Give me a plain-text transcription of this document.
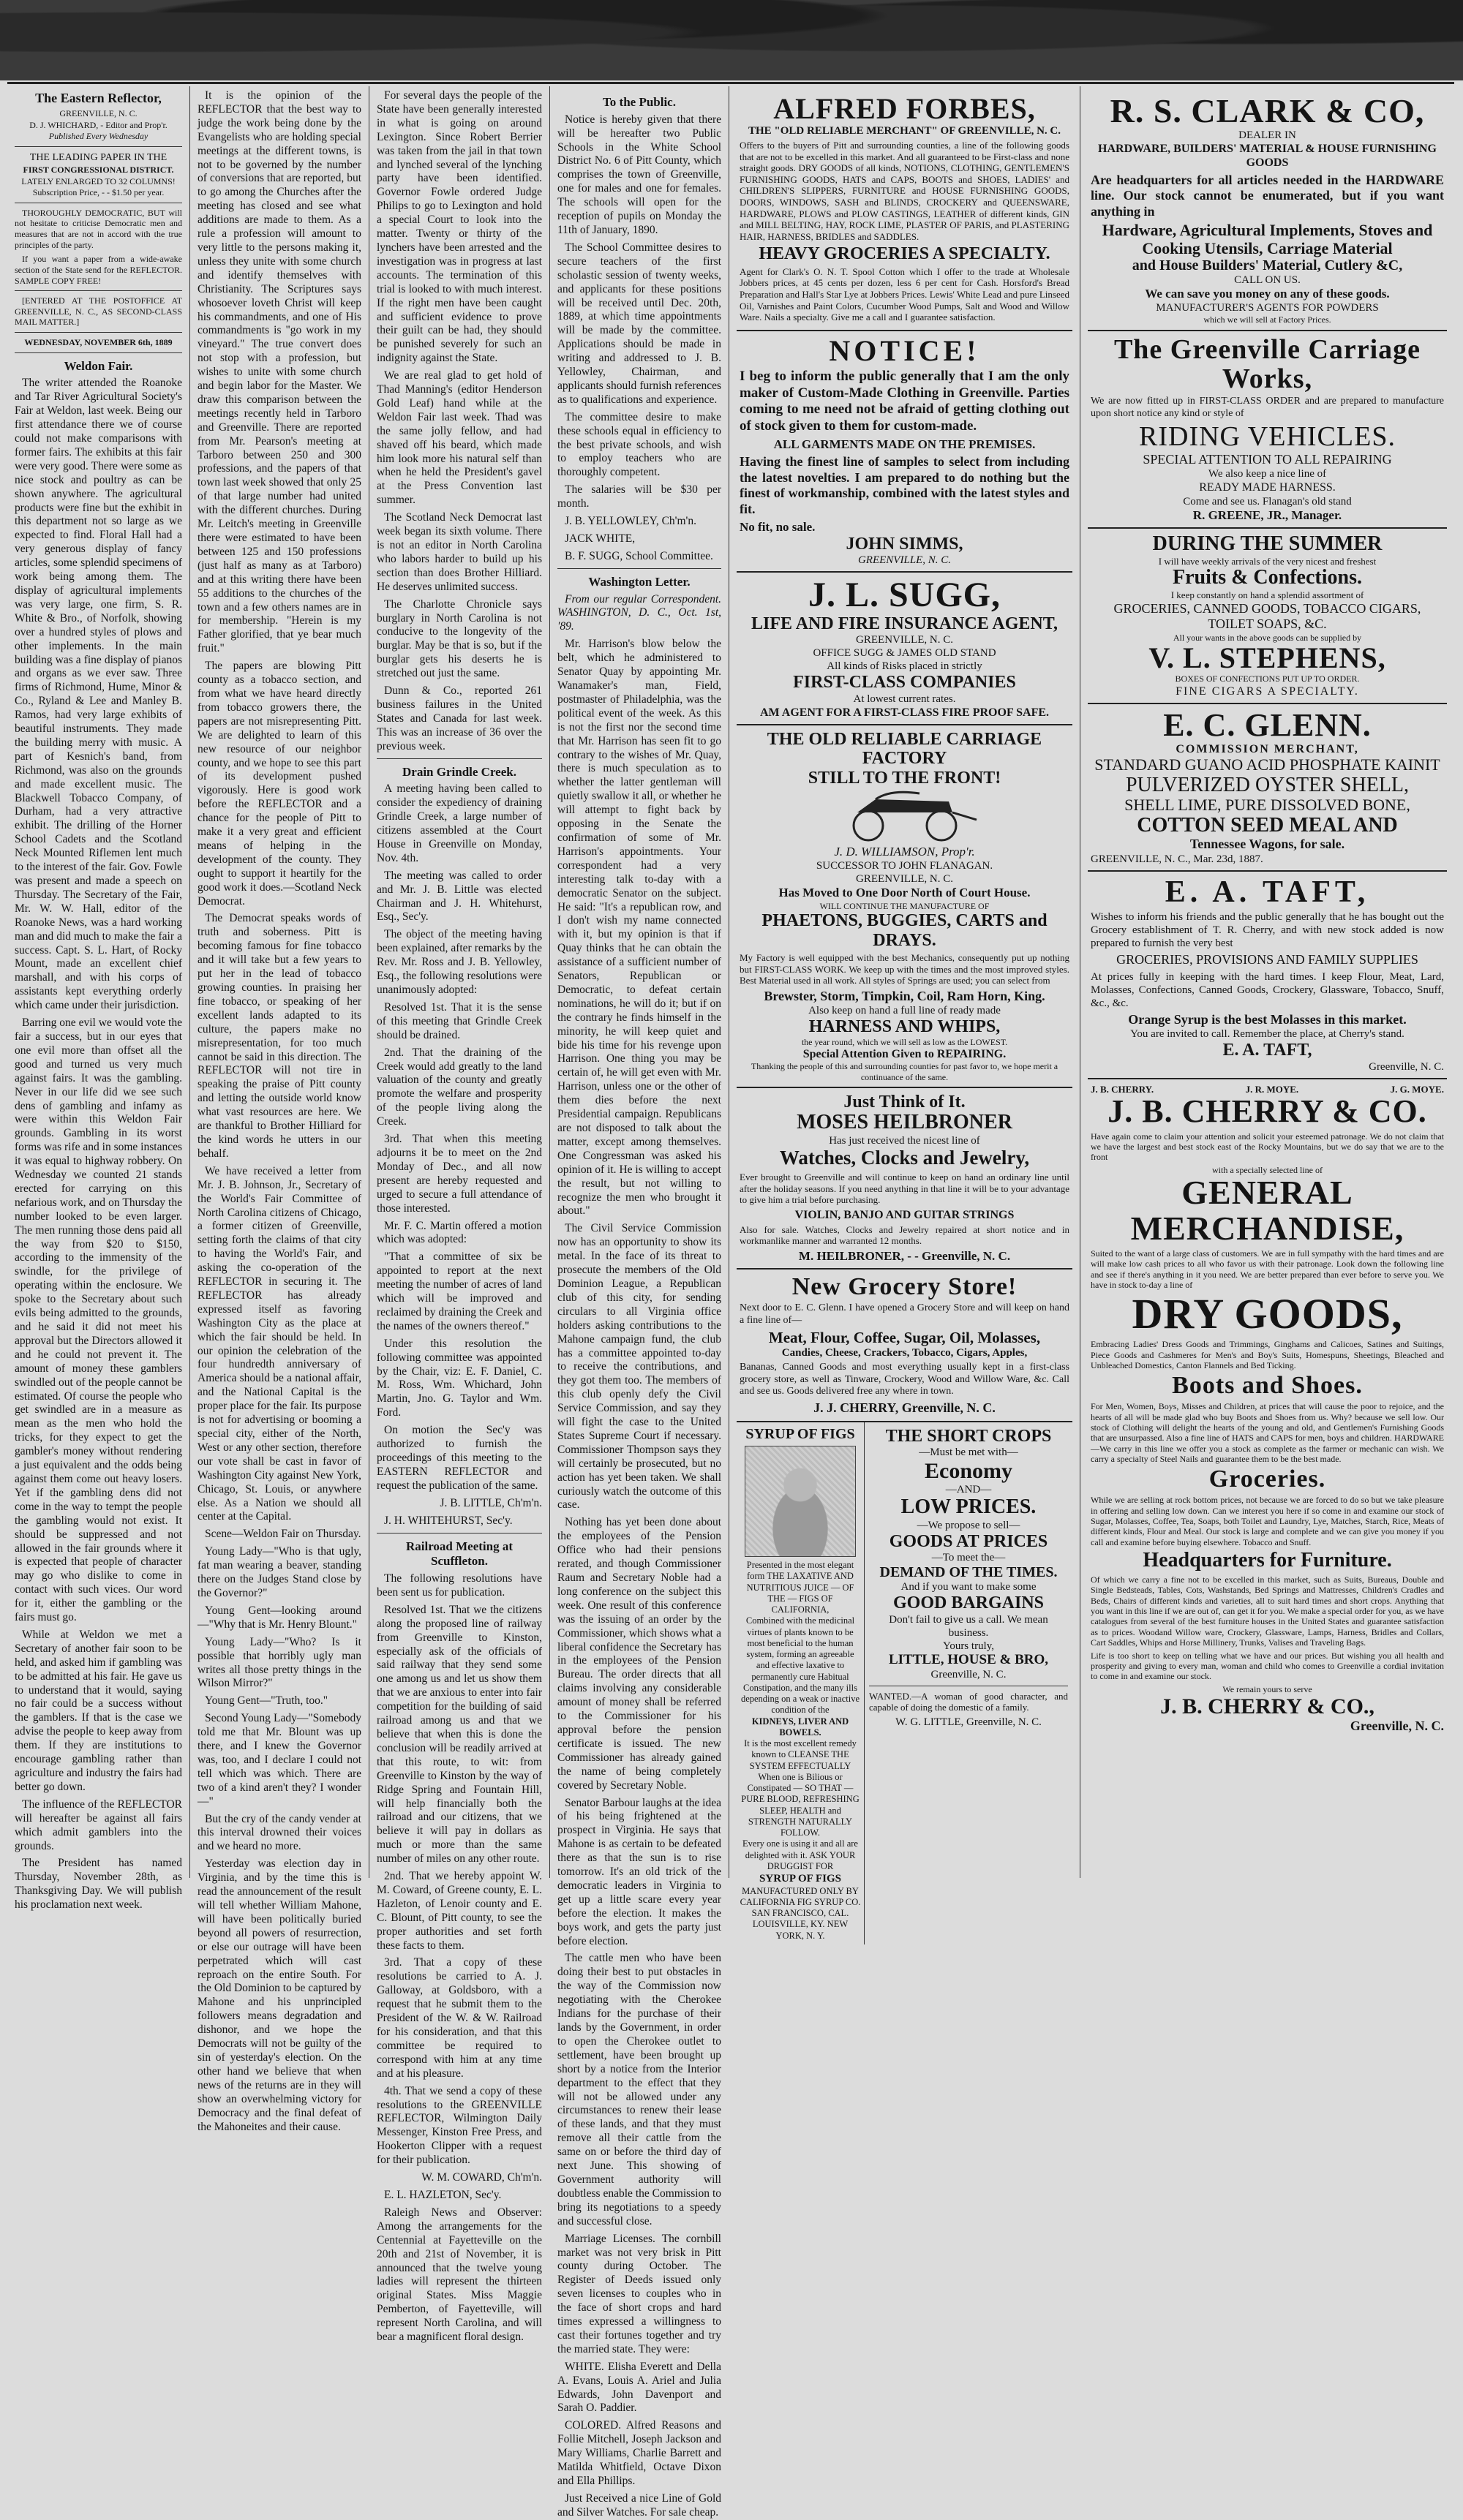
The Eastern Reflector,
GREENVILLE, N. C.
D. J. WHICHARD, - Editor and Prop'r.
Published Every Wednesday
THE LEADING PAPER IN THE
FIRST CONGRESSIONAL DISTRICT.
LATELY ENLARGED TO 32 COLUMNS!
Subscription Price, - - $1.50 per year.

THOROUGHLY DEMOCRATIC, BUT will not hesitate to criticise Democratic men and measures that are not in accord with the true principles of the party.

If you want a paper from a wide-awake section of the State send for the REFLECTOR. SAMPLE COPY FREE!

[ENTERED AT THE POSTOFFICE AT GREENVILLE, N. C., AS SECOND-CLASS MAIL MATTER.]

WEDNESDAY, NOVEMBER 6th, 1889
Weldon Fair.

The writer attended the Roanoke and Tar River Agricultural Society's Fair at Weldon, last week. Being our first attendance there we of course could not make comparisons with former fairs. The exhibits at this fair were very good. There were some as nice stock and poultry as can be shown anywhere. The agricultural products were fine but the exhibit in this department not so large as we expected to find. Floral Hall had a very generous display of fancy articles, some splendid specimens of work being among them. The display of agricultural implements was very large, one firm, S. R. White & Bro., of Norfolk, showing over a hundred styles of plows and other implements. In the main building was a fine display of pianos and organs as we ever saw. Three firms of Richmond, Hume, Minor & Co., Ryland & Lee and Manley B. Ramos, had very large exhibits of beautiful instruments. They made the building merry with music. A part of Kesnich's band, from Richmond, was also on the grounds and made excellent music. The Blackwell Tobacco Company, of Durham, had a very attractive exhibit. The drilling of the Horner School Cadets and the Scotland Neck Mounted Riflemen lent much to the interest of the fair. Gov. Fowle was present and made a speech on Thursday. The Secretary of the Fair, Mr. W. W. Hall, editor of the Roanoke News, was a hard working man and did much to make the fair a success. Capt. S. L. Hart, of Rocky Mount, made an excellent chief marshall, and with his corps of assistants kept everything orderly which came under their jurisdiction.

Barring one evil we would vote the fair a success, but in our eyes that one evil more than offset all the good and turned us very much against fairs. It was the gambling. Never in our life did we see such dens of gambling and infamy as were within this Weldon Fair grounds. Gambling in its worst forms was rife and in some instances it was equal to highway robbery. On Wednesday we counted 21 stands erected for carrying on this nefarious work, and on Thursday the number looked to be even larger. The men running those dens paid all the way from $20 to $150, according to the immensity of the swindle, for the privilege of operating within the enclosure. We spoke to the Secretary about such evils being admitted to the grounds, and he said it did not meet his approval but the Directors allowed it and he could not prevent it. The amount of money these gamblers swindled out of the people cannot be estimated. Of course the people who get swindled are in a measure as mean as the men who hold the tricks, for they expect to get the gambler's money without rendering a just equivalent and the odds being against them come out heavy losers. Yet if the gambling dens did not come in the way to tempt the people the gambling would not exist. It should be suppressed and not allowed in the fair grounds where it is expected that people of character may go who dislike to come in contact with such vices. Our word for it, either the gambling or the fairs must go.

While at Weldon we met a Secretary of another fair soon to be held, and asked him if gambling was to be admitted at his fair. He gave us to understand that it would, saying no fair could be a success without the gamblers. If that is the case we advise the people to keep away from them. If they are institutions to encourage gambling rather than agriculture and industry the fairs had better go down.

The influence of the REFLECTOR will hereafter be against all fairs which admit gamblers into the grounds.

The President has named Thursday, November 28th, as Thanksgiving Day. We will publish his proclamation next week.

It is the opinion of the REFLECTOR that the best way to judge the work being done by the Evangelists who are holding special meetings at the different towns, is not to be governed by the number of conversions that are reported, but to go among the Churches after the meeting has closed and see what additions are made to them. As a rule a profession will amount to very little to the persons making it, unless they unite with some church and identify themselves with Christianity. The Scriptures says whosoever loveth Christ will keep his commandments, and one of His commandments is "go work in my vineyard." The true convert does not stop with a profession, but wishes to unite with some church and begin labor for the Master. We draw this comparison between the meetings recently held in Tarboro and Greenville. There are reported from Mr. Pearson's meeting at Tarboro between 250 and 300 professions, and the papers of that town last week showed that only 25 of that large number had united with the different churches. During Mr. Leitch's meeting in Greenville there were estimated to have been between 125 and 150 professions (just half as many as at Tarboro) and at this writing there have been 55 additions to the churches of the town and a few others names are in for membership. "Herein is my Father glorified, that ye bear much fruit."

The papers are blowing Pitt county as a tobacco section, and from what we have heard directly from tobacco growers there, the papers are not misrepresenting Pitt. We are delighted to learn of this new resource of our neighbor county, and we hope to see this part of its development pushed vigorously. Here is good work before the REFLECTOR and a chance for the people of Pitt to make it a very great and efficient means of helping in the development of the county. They ought to support it heartily for the good work it does.—Scotland Neck Democrat.

The Democrat speaks words of truth and soberness. Pitt is becoming famous for fine tobacco and it will take but a few years to put her in the lead of tobacco growing counties. In praising her fine tobacco, or speaking of her excellent lands adapted to its culture, the papers make no misrepresentation, for too much cannot be said in this direction. The REFLECTOR will not tire in speaking the praise of Pitt county and letting the outside world know what vast resources are here. We are thankful to Brother Hilliard for the kind words he utters in our behalf.

We have received a letter from Mr. J. B. Johnson, Jr., Secretary of the World's Fair Committee of North Carolina citizens of Chicago, a former citizen of Greenville, setting forth the claims of that city to having the World's Fair, and asking the co-operation of the REFLECTOR in securing it. The REFLECTOR has already expressed itself as favoring Washington City as the place at which the fair should be held. In our opinion the celebration of the four hundredth anniversary of America should be a national affair, and the National Capital is the proper place for the fair. Its purpose is not for advertising or booming a special city, either of the North, West or any other section, therefore our vote shall be cast in favor of Washington City against New York, Chicago, St. Louis, or anywhere else. As a Nation we should all center at the Capital.

Scene—Weldon Fair on Thursday.

Young Lady—"Who is that ugly, fat man wearing a beaver, standing there on the Judges Stand close by the Governor?"

Young Gent—looking around—"Why that is Mr. Henry Blount."

Young Lady—"Who? Is it possible that horribly ugly man writes all those pretty things in the Wilson Mirror?"

Young Gent—"Truth, too."

Second Young Lady—"Somebody told me that Mr. Blount was up there, and I knew the Governor was, too, and I declare I could not tell which was which. There are two of a kind aren't they? I wonder—"

But the cry of the candy vender at this interval drowned their voices and we heard no more.

Yesterday was election day in Virginia, and by the time this is read the announcement of the result will tell whether William Mahone, will have been politically buried beyond all powers of resurrection, or else our outrage will have been perpetrated which will cast reproach on the entire South. For the Old Dominion to be captured by Mahone and his unprincipled followers means degradation and dishonor, and we hope the Democrats will not be guilty of the sin of yesterday's election. On the other hand we believe that when news of the returns are in they will show an overwhelming victory for Democracy and the final defeat of the Mahoneites and their cause.

For several days the people of the State have been generally interested in what is going on around Lexington. Since Robert Berrier was taken from the jail in that town and lynched several of the lynching party have been identified. Governor Fowle ordered Judge Philips to go to Lexington and hold a special Court to look into the matter. Twenty or thirty of the lynchers have been arrested and the investigation was in progress at last accounts. The termination of this trial is looked to with much interest. If the right men have been caught and sufficient evidence to prove their guilt can be had, they should be punished severely for such an indignity against the State.

We are real glad to get hold of Thad Manning's (editor Henderson Gold Leaf) hand while at the Weldon Fair last week. Thad was the same jolly fellow, and had shaved off his beard, which made him look more his natural self than when he held the President's gavel at the Press Convention last summer.

The Scotland Neck Democrat last week began its sixth volume. There is not an editor in North Carolina who labors harder to build up his section than does Brother Hilliard. He deserves unlimited success.

The Charlotte Chronicle says burglary in North Carolina is not conducive to the longevity of the burglar. May be that is so, but if the burglar gets his deserts he is stretched out just the same.

Dunn & Co., reported 261 business failures in the United States and Canada for last week. This was an increase of 36 over the previous week.

Drain Grindle Creek.

A meeting having been called to consider the expediency of draining Grindle Creek, a large number of citizens assembled at the Court House in Greenville on Monday, Nov. 4th.

The meeting was called to order and Mr. J. B. Little was elected Chairman and J. H. Whitehurst, Esq., Sec'y.

The object of the meeting having been explained, after remarks by the Rev. Mr. Ross and J. B. Yellowley, Esq., the following resolutions were unanimously adopted:

Resolved 1st. That it is the sense of this meeting that Grindle Creek should be drained.

2nd. That the draining of the Creek would add greatly to the land valuation of the county and greatly promote the welfare and prosperity of the people living along the Creek.

3rd. That when this meeting adjourns it be to meet on the 2nd Monday of Dec., and all now present are hereby requested and urged to secure a full attendance of those interested.

Mr. F. C. Martin offered a motion which was adopted:

"That a committee of six be appointed to report at the next meeting the number of acres of land which will be improved and reclaimed by draining the Creek and the names of the owners thereof."

Under this resolution the following committee was appointed by the Chair, viz: E. F. Daniel, C. M. Ross, Wm. Whichard, John Martin, Jno. G. Taylor and Wm. Ford.

On motion the Sec'y was authorized to furnish the proceedings of this meeting to the EASTERN REFLECTOR and request the publication of the same.

J. B. LITTLE, Ch'm'n.

J. H. WHITEHURST, Sec'y.

Railroad Meeting at Scuffleton.

The following resolutions have been sent us for publication.

Resolved 1st. That we the citizens along the proposed line of railway from Greenville to Kinston, especially ask of the officials of said railway that they send some one among us and let us show them that we are anxious to enter into fair competition for the building of said railroad among us and that we believe that when this is done the conclusion will be readily arrived at that this route, to wit: from Greenville to Kinston by the way of Ridge Spring and Fountain Hill, will help financially both the railroad and our citizens, that we believe it will pay in dollars as much or more than the same number of miles on any other route.

2nd. That we hereby appoint W. M. Coward, of Greene county, E. L. Hazleton, of Lenoir county and E. C. Blount, of Pitt county, to see the proper authorities and set forth these facts to them.

3rd. That a copy of these resolutions be carried to A. J. Galloway, at Goldsboro, with a request that he submit them to the President of the W. & W. Railroad for his consideration, and that this committee be required to correspond with him at any time and at his pleasure.

4th. That we send a copy of these resolutions to the GREENVILLE REFLECTOR, Wilmington Daily Messenger, Kinston Free Press, and Hookerton Clipper with a request for their publication.

W. M. COWARD, Ch'm'n.

E. L. HAZLETON, Sec'y.

Raleigh News and Observer: Among the arrangements for the Centennial at Fayetteville on the 20th and 21st of November, it is announced that the twelve young ladies will represent the thirteen original States. Miss Maggie Pemberton, of Fayetteville, will represent North Carolina, and will bear a magnificent floral design.

To the Public.

Notice is hereby given that there will be hereafter two Public Schools in the White School District No. 6 of Pitt County, which comprises the town of Greenville, one for males and one for females. The schools will open for the reception of pupils on Monday the 11th of January, 1890.

The School Committee desires to secure teachers of the first scholastic session of twenty weeks, and applicants for these positions will be received until Dec. 20th, 1889, at which time appointments will be made by the committee. Applications should be made in writing and addressed to J. B. Yellowley, Chairman, and applicants should furnish references as to qualifications and experience.

The committee desire to make these schools equal in efficiency to the best private schools, and wish to employ teachers who are thoroughly competent.

The salaries will be $30 per month.

J. B. YELLOWLEY, Ch'm'n.

JACK WHITE,

B. F. SUGG, School Committee.

Washington Letter.

From our regular Correspondent. WASHINGTON, D. C., Oct. 1st, '89.

Mr. Harrison's blow below the belt, which he administered to Senator Quay by appointing Mr. Wanamaker's man, Field, postmaster of Philadelphia, was the political event of the week. As this is not the first nor the second time that Mr. Harrison has seen fit to go contrary to the wishes of Mr. Quay, there is much speculation as to whether the latter gentleman will quietly swallow it all, or whether he will attempt to fight back by opposing in the Senate the confirmation of some of Mr. Harrison's appointments. Your correspondent had a very interesting talk to-day with a democratic Senator on the subject. He said: "It's a republican row, and I don't wish my name connected with it, but my opinion is that if Quay thinks that he can obtain the assistance of a sufficient number of Senators, Republican or Democratic, to defeat certain nominations, he will do it; but if on the contrary he finds himself in the minority, he will keep quiet and bide his time for his revenge upon Harrison. One thing you may be certain of, he will get even with Mr. Harrison, unless one or the other of them dies before the next Presidential campaign. Republicans are not disposed to talk about the matter, except among themselves. One Congressman was asked his opinion of it. He is willing to accept the result, but not willing to recognize the men who brought it about."

The Civil Service Commission now has an opportunity to show its metal. In the face of its threat to prosecute the members of the Old Dominion League, a Republican club of this city, for sending circulars to all Virginia office holders asking contributions to the Mahone campaign fund, the club has a committee appointed to-day to receive the contributions, and they got them too. The members of this club openly defy the Civil Service Commission, and say they will fight the case to the United States Supreme Court if necessary. Commissioner Thompson says they will certainly be prosecuted, but no action has yet been taken. We shall curiously watch the outcome of this case.

Nothing has yet been done about the employees of the Pension Office who had their pensions rerated, and though Commissioner Raum and Secretary Noble had a long conference on the subject this week. One result of this conference was the issuing of an order by the Commissioner, which shows what a liberal confidence the Secretary has in the employees of the Pension Bureau. The order directs that all claims involving any considerable amount of money shall be referred to the Commissioner for his approval before the pension certificate is issued. The new Commissioner has already gained the name of being completely covered by Secretary Noble.

Senator Barbour laughs at the idea of his being frightened at the prospect in Virginia. He says that Mahone is as certain to be defeated there as that the sun is to rise tomorrow. It's an old trick of the democratic leaders in Virginia to get up a little scare every year before the election. It makes the boys work, and gets the party just before election.

The cattle men who have been doing their best to put obstacles in the way of the Commission now negotiating with the Cherokee Indians for the purchase of their lands by the Government, in order to open the Cherokee outlet to settlement, have been brought up short by a notice from the Interior department to the effect that they will not be allowed under any circumstances to renew their lease of these lands, and that they must remove all their cattle from the same on or before the third day of next June. This showing of Government authority will doubtless enable the Commission to bring its negotiations to a speedy and successful close.

Marriage Licenses. The cornbill market was not very brisk in Pitt county during October. The Register of Deeds issued only seven licenses to couples who in the face of short crops and hard times expressed a willingness to cast their fortunes together and try the married state. They were:

WHITE. Elisha Everett and Della A. Evans, Louis A. Ariel and Julia Edwards, John Davenport and Sarah O. Paddier.

COLORED. Alfred Reasons and Follie Mitchell, Joseph Jackson and Mary Williams, Charlie Barrett and Matilda Whitfield, Octave Dixon and Ella Phillips.

Just Received a nice Line of Gold and Silver Watches. For sale cheap.

ALFRED FORBES,
THE "OLD RELIABLE MERCHANT" OF GREENVILLE, N. C.
Offers to the buyers of Pitt and surrounding counties, a line of the following goods that are not to be excelled in this market. And all guaranteed to be First-class and none straight goods. DRY GOODS of all kinds, NOTIONS, CLOTHING, GENTLEMEN'S FURNISHING GOODS, HATS and CAPS, BOOTS and SHOES, LADIES' and CHILDREN'S SLIPPERS, FURNITURE and HOUSE FURNISHING GOODS, DOORS, WINDOWS, SASH and BLINDS, CROCKERY and QUEENSWARE, HARDWARE, PLOWS and PLOW CASTINGS, LEATHER of different kinds, GIN and MILL BELTING, HAY, ROCK LIME, PLASTER OF PARIS, and PLASTERING HAIR, HARNESS, BRIDLES and SADDLES.
HEAVY GROCERIES A SPECIALTY.
Agent for Clark's O. N. T. Spool Cotton which I offer to the trade at Wholesale Jobbers prices, at 45 cents per dozen, less 6 per cent for Cash. Horsford's Bread Preparation and Hall's Star Lye at Jobbers Prices. Lewis' White Lead and pure Linseed Oil, Varnishes and Paint Colors, Cucumber Wood Pumps, Salt and Wood and Willow Ware. Nails a specialty. Give me a call and I guarantee satisfaction.
NOTICE!
I beg to inform the public generally that I am the only maker of Custom-Made Clothing in Greenville. Parties coming to me need not be afraid of getting clothing out of stock given to them for custom-made.
ALL GARMENTS MADE ON THE PREMISES.
Having the finest line of samples to select from including the latest novelties. I am prepared to do nothing but the finest of workmanship, combined with the latest styles and fit.
No fit, no sale.
JOHN SIMMS,
GREENVILLE, N. C.
J. L. SUGG,
LIFE AND FIRE INSURANCE AGENT,
GREENVILLE, N. C.
OFFICE SUGG & JAMES OLD STAND
All kinds of Risks placed in strictly
FIRST-CLASS COMPANIES
At lowest current rates.
AM AGENT FOR A FIRST-CLASS FIRE PROOF SAFE.
THE OLD RELIABLE CARRIAGE FACTORY
STILL TO THE FRONT!
J. D. WILLIAMSON, Prop'r.
SUCCESSOR TO JOHN FLANAGAN.
GREENVILLE, N. C.
Has Moved to One Door North of Court House.
WILL CONTINUE THE MANUFACTURE OF
PHAETONS, BUGGIES, CARTS and DRAYS.
My Factory is well equipped with the best Mechanics, consequently put up nothing but FIRST-CLASS WORK. We keep up with the times and the most improved styles. Best Material used in all work. All styles of Springs are used; you can select from
Brewster, Storm, Timpkin, Coil, Ram Horn, King.
Also keep on hand a full line of ready made
HARNESS AND WHIPS,
the year round, which we will sell as low as the LOWEST.
Special Attention Given to REPAIRING.
Thanking the people of this and surrounding counties for past favor to, we hope merit a continuance of the same.
Just Think of It.
MOSES HEILBRONER
Has just received the nicest line of
Watches, Clocks and Jewelry,
Ever brought to Greenville and will continue to keep on hand an ordinary line until after the holiday seasons. If you need anything in that line it will be to your advantage to give him a trial before purchasing.
VIOLIN, BANJO AND GUITAR STRINGS
Also for sale. Watches, Clocks and Jewelry repaired at short notice and in workmanlike manner and warranted 12 months.
M. HEILBRONER, - - Greenville, N. C.
New Grocery Store!
Next door to E. C. Glenn. I have opened a Grocery Store and will keep on hand a fine line of—
Meat, Flour, Coffee, Sugar, Oil, Molasses,
Candies, Cheese, Crackers, Tobacco, Cigars, Apples,
Bananas, Canned Goods and most everything usually kept in a first-class grocery store, as well as Tinware, Crockery, Wood and Willow Ware, &c. Call and see us. Goods delivered free any where in town.
J. J. CHERRY, Greenville, N. C.
SYRUP OF FIGS
Presented in the most elegant form THE LAXATIVE AND NUTRITIOUS JUICE — OF THE — FIGS OF CALIFORNIA,
Combined with the medicinal virtues of plants known to be most beneficial to the human system, forming an agreeable and effective laxative to permanently cure Habitual Constipation, and the many ills depending on a weak or inactive condition of the
KIDNEYS, LIVER AND BOWELS.
It is the most excellent remedy known to CLEANSE THE SYSTEM EFFECTUALLY When one is Bilious or Constipated — SO THAT — PURE BLOOD, REFRESHING SLEEP, HEALTH and STRENGTH NATURALLY FOLLOW.
Every one is using it and all are delighted with it. ASK YOUR DRUGGIST FOR
SYRUP OF FIGS
MANUFACTURED ONLY BY CALIFORNIA FIG SYRUP CO. SAN FRANCISCO, CAL. LOUISVILLE, KY. NEW YORK, N. Y.
THE SHORT CROPS
—Must be met with—
Economy
—AND—
LOW PRICES.
—We propose to sell—
GOODS AT PRICES
—To meet the—
DEMAND OF THE TIMES.
And if you want to make some
GOOD BARGAINS
Don't fail to give us a call. We mean business.
Yours truly,
LITTLE, HOUSE & BRO,
Greenville, N. C.
WANTED.—A woman of good character, and capable of doing the domestic of a family.
W. G. LITTLE, Greenville, N. C.
R. S. CLARK & CO,
DEALER IN
HARDWARE, BUILDERS' MATERIAL & HOUSE FURNISHING GOODS
Are headquarters for all articles needed in the HARDWARE line. Our stock cannot be enumerated, but if you want anything in
Hardware, Agricultural Implements, Stoves and Cooking Utensils, Carriage Material
and House Builders' Material, Cutlery &C,
CALL ON US.
We can save you money on any of these goods.
MANUFACTURER'S AGENTS FOR POWDERS
which we will sell at Factory Prices.
The Greenville Carriage Works,
We are now fitted up in FIRST-CLASS ORDER and are prepared to manufacture upon short notice any kind or style of
RIDING VEHICLES.
SPECIAL ATTENTION TO ALL REPAIRING
We also keep a nice line of
READY MADE HARNESS.
Come and see us. Flanagan's old stand
R. GREENE, JR., Manager.
DURING THE SUMMER
I will have weekly arrivals of the very nicest and freshest
Fruits & Confections.
I keep constantly on hand a splendid assortment of
GROCERIES, CANNED GOODS, TOBACCO CIGARS, TOILET SOAPS, &C.
All your wants in the above goods can be supplied by
V. L. STEPHENS,
BOXES OF CONFECTIONS PUT UP TO ORDER.
FINE CIGARS A SPECIALTY.
E. C. GLENN.
COMMISSION MERCHANT,
STANDARD GUANO ACID PHOSPHATE KAINIT
PULVERIZED OYSTER SHELL,
SHELL LIME, PURE DISSOLVED BONE,
COTTON SEED MEAL AND
Tennessee Wagons, for sale.
GREENVILLE, N. C., Mar. 23d, 1887.
E. A. TAFT,
Wishes to inform his friends and the public generally that he has bought out the Grocery establishment of T. R. Cherry, and with new stock added is now prepared to furnish the very best
GROCERIES, PROVISIONS AND FAMILY SUPPLIES
At prices fully in keeping with the hard times. I keep Flour, Meat, Lard, Molasses, Confections, Canned Goods, Crockery, Glassware, Tobacco, Snuff, &c., &c.
Orange Syrup is the best Molasses in this market.
You are invited to call. Remember the place, at Cherry's stand.
E. A. TAFT,
Greenville, N. C.
J. B. CHERRY.	J. R. MOYE.	J. G. MOYE.
J. B. CHERRY & CO.
Have again come to claim your attention and solicit your esteemed patronage. We do not claim that we have the largest and best stock east of the Rocky Mountains, but we do say that we are to the front
with a specially selected line of
GENERAL MERCHANDISE,
Suited to the want of a large class of customers. We are in full sympathy with the hard times and are will make low cash prices to all who favor us with their patronage. Look down the following line and see if there's anything in it you need. We are better prepared than ever before to serve you. We have in stock to-day a line of
DRY GOODS,
Embracing Ladies' Dress Goods and Trimmings, Ginghams and Calicoes, Satines and Suitings, Piece Goods and Cashmeres for Men's and Boy's Suits, Homespuns, Sheetings, Bleached and Unbleached Domestics, Canton Flannels and Bed Ticking.
Boots and Shoes.
For Men, Women, Boys, Misses and Children, at prices that will cause the poor to rejoice, and the hearts of all will be made glad who buy Boots and Shoes from us. Why? because we sell low. Our stock of Clothing will delight the hearts of the young and old, and Gentlemen's Furnishing Goods that are unsurpassed. Also a fine line of HATS and CAPS for men, boys and children. HARDWARE—We carry in this line we offer you a stock as complete as the farmer or mechanic can wish. We carry a specialty of Steel Nails and guarantee them to be the best made.
Groceries.
While we are selling at rock bottom prices, not because we are forced to do so but we take pleasure in offering and selling low down. Can we interest you here if so come in and examine our stock of Sugar, Molasses, Coffee, Tea, Soaps, both Toilet and Laundry, Lye, Matches, Starch, Rice, Meats of different kinds, Flour and Meal. Our stock is large and complete and we can give you money if you call and examine before buying elsewhere. Tobacco and Snuff.
Headquarters for Furniture.
Of which we carry a fine not to be excelled in this market, such as Suits, Bureaus, Double and Single Bedsteads, Tables, Cots, Washstands, Bed Springs and Mattresses, Children's Cradles and Beds, Chairs of different kinds and varieties, all to suit hard times and short crops. Anything that you want in this line if we are out of, can get it for you. We make a special order for you, as we have catalogues from several of the best furniture houses in the United States and guarantee satisfaction as to prices. Woodand Willow ware, Crockery, Glassware, Lamps, Harness, Bridles and Collars, Cart Saddles, Whips and Horse Millinery, Trunks, Valises and Traveling Bags.
Life is too short to keep on telling what we have and our prices. But wishing you all health and prosperity and giving to every man, woman and child who comes to Greenville a cordial invitation to come in and examine our stock.
We remain yours to serve
J. B. CHERRY & CO.,
Greenville, N. C.
